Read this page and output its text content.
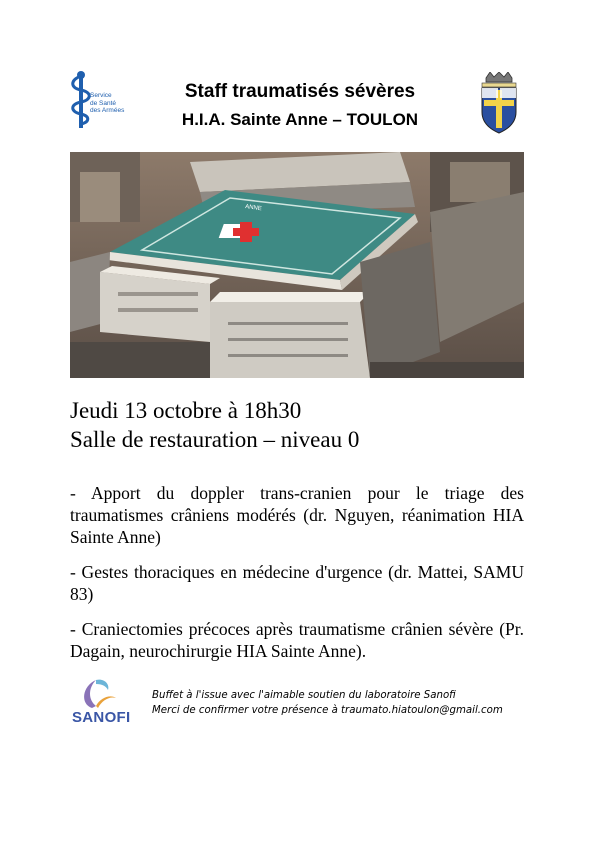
Service
de Santé
des Armées
Staff traumatisés sévères
H.I.A. Sainte Anne – TOULON
ANNE
Jeudi 13 octobre à 18h30
Salle de restauration – niveau 0
- Apport du doppler trans-cranien pour le triage des traumatismes crâniens modérés (dr. Nguyen, réanimation HIA Sainte Anne)
- Gestes thoraciques en médecine d'urgence (dr. Mattei, SAMU 83)
- Craniectomies précoces après traumatisme crânien sévère (Pr. Dagain, neurochirurgie HIA Sainte Anne).
SANOFI
Buffet à l'issue avec l'aimable soutien du laboratoire Sanofi
Merci de confirmer votre présence à traumato.hiatoulon@gmail.com
